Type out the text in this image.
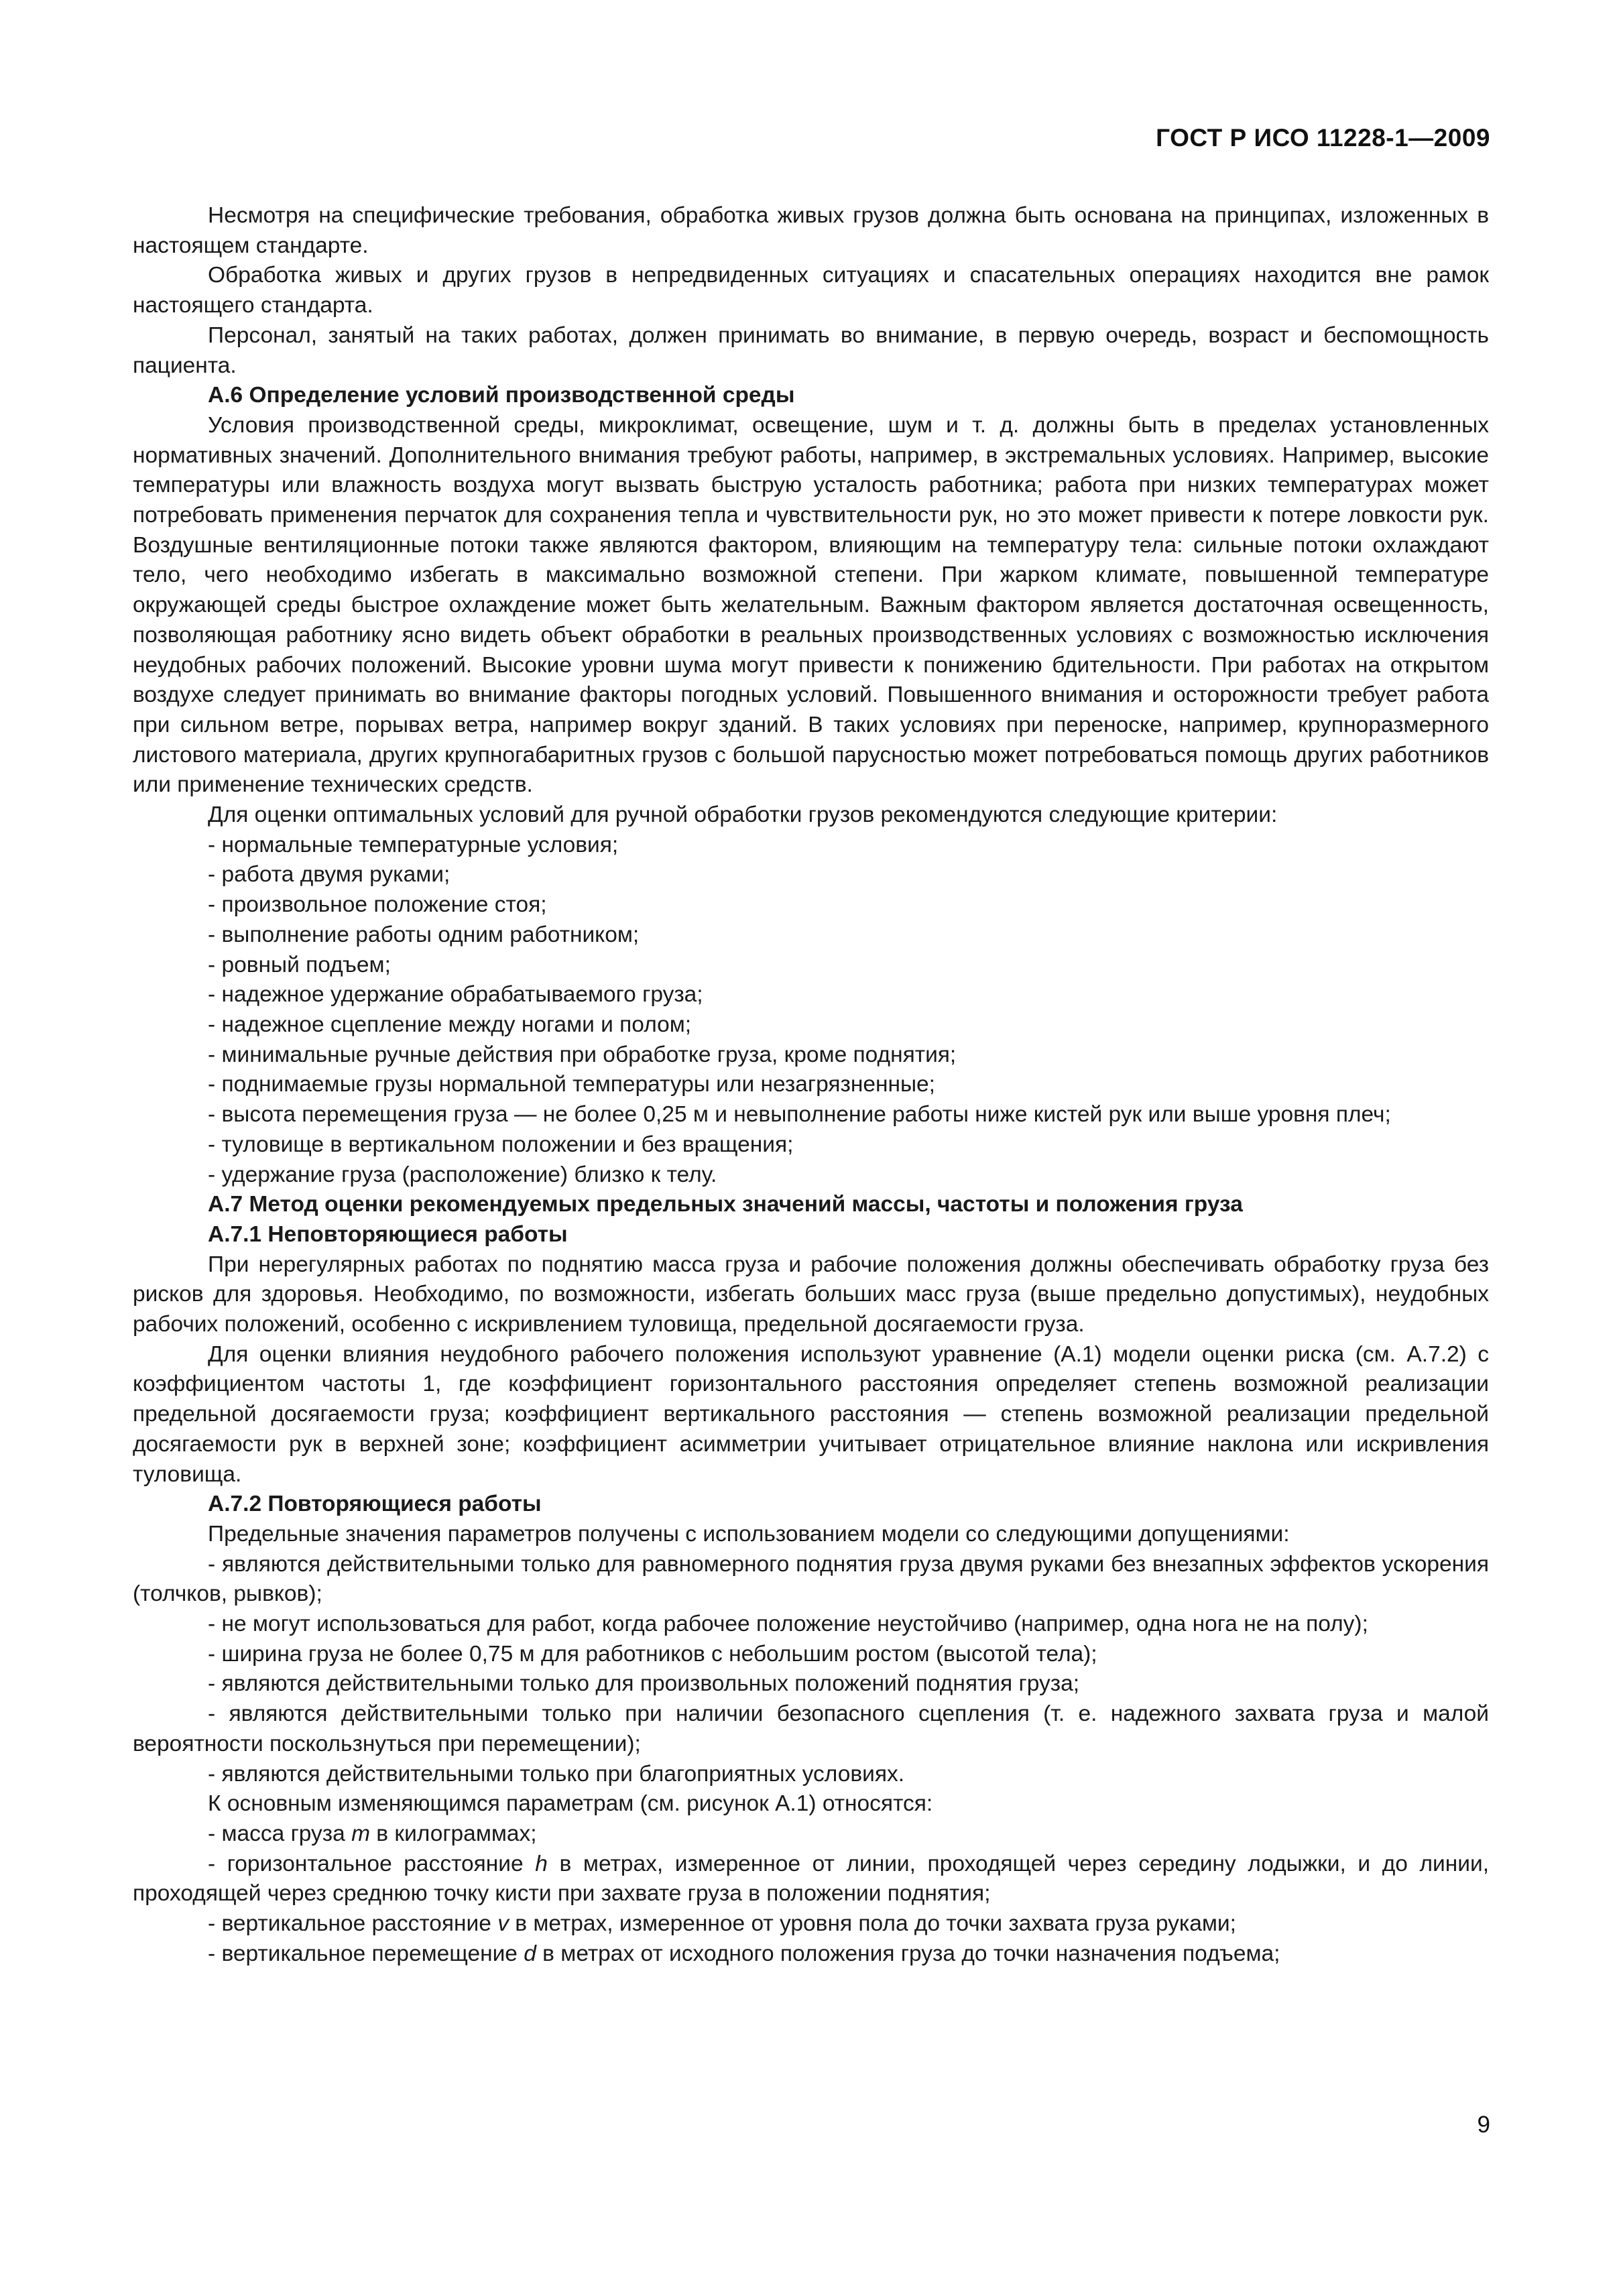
ГОСТ Р ИСО 11228-1—2009

Несмотря на специфические требования, обработка живых грузов должна быть основана на принципах, изложенных в настоящем стандарте.

Обработка живых и других грузов в непредвиденных ситуациях и спасательных операциях находится вне рамок настоящего стандарта.

Персонал, занятый на таких работах, должен принимать во внимание, в первую очередь, возраст и беспомощность пациента.

А.6 Определение условий производственной среды

Условия производственной среды, микроклимат, освещение, шум и т. д. должны быть в пределах установленных нормативных значений. Дополнительного внимания требуют работы, например, в экстремальных условиях. Например, высокие температуры или влажность воздуха могут вызвать быструю усталость работника; работа при низких температурах может потребовать применения перчаток для сохранения тепла и чувствительности рук, но это может привести к потере ловкости рук. Воздушные вентиляционные потоки также являются фактором, влияющим на температуру тела: сильные потоки охлаждают тело, чего необходимо избегать в максимально возможной степени. При жарком климате, повышенной температуре окружающей среды быстрое охлаждение может быть желательным. Важным фактором является достаточная освещенность, позволяющая работнику ясно видеть объект обработки в реальных производственных условиях с возможностью исключения неудобных рабочих положений. Высокие уровни шума могут привести к понижению бдительности. При работах на открытом воздухе следует принимать во внимание факторы погодных условий. Повышенного внимания и осторожности требует работа при сильном ветре, порывах ветра, например вокруг зданий. В таких условиях при переноске, например, крупноразмерного листового материала, других крупногабаритных грузов с большой парусностью может потребоваться помощь других работников или применение технических средств.

Для оценки оптимальных условий для ручной обработки грузов рекомендуются следующие критерии:

- нормальные температурные условия;

- работа двумя руками;

- произвольное положение стоя;

- выполнение работы одним работником;

- ровный подъем;

- надежное удержание обрабатываемого груза;

- надежное сцепление между ногами и полом;

- минимальные ручные действия при обработке груза, кроме поднятия;

- поднимаемые грузы нормальной температуры или незагрязненные;

- высота перемещения груза — не более 0,25 м и невыполнение работы ниже кистей рук или выше уровня плеч;

- туловище в вертикальном положении и без вращения;

- удержание груза (расположение) близко к телу.

А.7 Метод оценки рекомендуемых предельных значений массы, частоты и положения груза

А.7.1 Неповторяющиеся работы

При нерегулярных работах по поднятию масса груза и рабочие положения должны обеспечивать обработку груза без рисков для здоровья. Необходимо, по возможности, избегать больших масс груза (выше предельно допустимых), неудобных рабочих положений, особенно с искривлением туловища, предельной досягаемости груза.

Для оценки влияния неудобного рабочего положения используют уравнение (А.1) модели оценки риска (см. А.7.2) с коэффициентом частоты 1, где коэффициент горизонтального расстояния определяет степень возможной реализации предельной досягаемости груза; коэффициент вертикального расстояния — степень возможной реализации предельной досягаемости рук в верхней зоне; коэффициент асимметрии учитывает отрицательное влияние наклона или искривления туловища.

А.7.2 Повторяющиеся работы

Предельные значения параметров получены с использованием модели со следующими допущениями:

- являются действительными только для равномерного поднятия груза двумя руками без внезапных эффектов ускорения (толчков, рывков);

- не могут использоваться для работ, когда рабочее положение неустойчиво (например, одна нога не на полу);

- ширина груза не более 0,75 м для работников с небольшим ростом (высотой тела);

- являются действительными только для произвольных положений поднятия груза;

- являются действительными только при наличии безопасного сцепления (т. е. надежного захвата груза и малой вероятности поскользнуться при перемещении);

- являются действительными только при благоприятных условиях.

К основным изменяющимся параметрам (см. рисунок А.1) относятся:

- масса груза m в килограммах;

- горизонтальное расстояние h в метрах, измеренное от линии, проходящей через середину лодыжки, и до линии, проходящей через среднюю точку кисти при захвате груза в положении поднятия;

- вертикальное расстояние v в метрах, измеренное от уровня пола до точки захвата груза руками;

- вертикальное перемещение d в метрах от исходного положения груза до точки назначения подъема;

9
